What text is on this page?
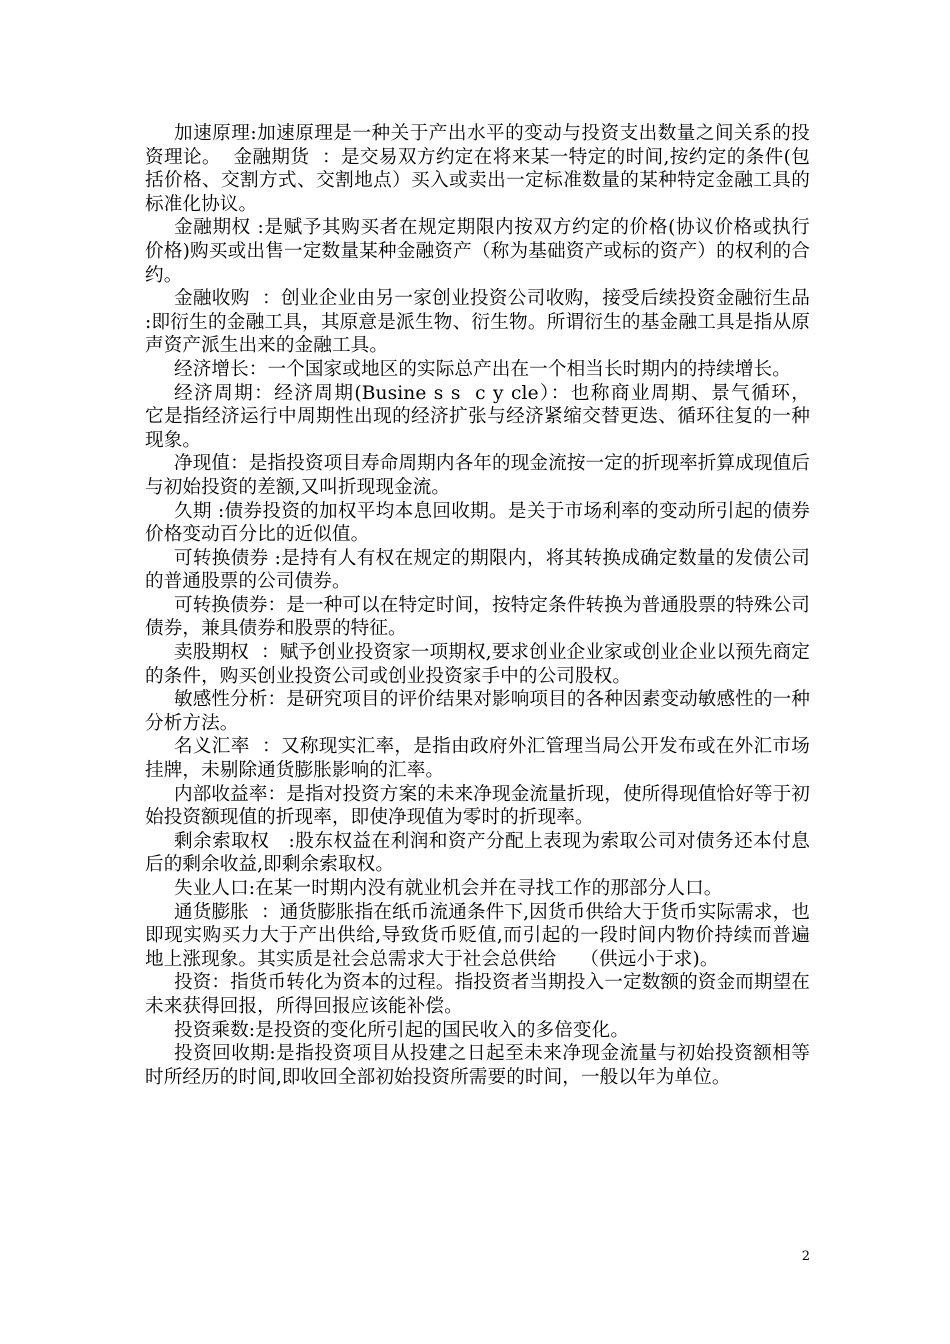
加速原理:加速原理是一种关于产出水平的变动与投资支出数量之间关系的投资理论。  金融期货  ：是交易双方约定在将来某一特定的时间,按约定的条件(包括价格、交割方式、交割地点）买入或卖出一定标准数量的某种特定金融工具的标准化协议。

金融期权 :是赋予其购买者在规定期限内按双方约定的价格(协议价格或执行价格)购买或出售一定数量某种金融资产（称为基础资产或标的资产）的权利的合约。

金融收购  ：创业企业由另一家创业投资公司收购，接受后续投资金融衍生品   :即衍生的金融工具，其原意是派生物、衍生物。所谓衍生的基金融工具是指从原声资产派生出来的金融工具。

经济增长：一个国家或地区的实际总产出在一个相当长时期内的持续增长。

经济周期：经济周期(Busine s s  c y cle）：也称商业周期、景气循环，    它是指经济运行中周期性出现的经济扩张与经济紧缩交替更迭、循环往复的一种现象。

净现值：是指投资项目寿命周期内各年的现金流按一定的折现率折算成现值后与初始投资的差额,又叫折现现金流。

久期 :债券投资的加权平均本息回收期。是关于市场利率的变动所引起的债券价格变动百分比的近似值。

可转换债券 :是持有人有权在规定的期限内，将其转换成确定数量的发债公司的普通股票的公司债券。

可转换债券：是一种可以在特定时间，按特定条件转换为普通股票的特殊公司债券，兼具债券和股票的特征。

卖股期权  ：赋予创业投资家一项期权,要求创业企业家或创业企业以预先商定的条件，购买创业投资公司或创业投资家手中的公司股权。

敏感性分析：是研究项目的评价结果对影响项目的各种因素变动敏感性的一种分析方法。

名义汇率  ：又称现实汇率，是指由政府外汇管理当局公开发布或在外汇市场挂牌，未剔除通货膨胀影响的汇率。

内部收益率：是指对投资方案的未来净现金流量折现，使所得现值恰好等于初始投资额现值的折现率，即使净现值为零时的折现率。

剩余索取权   :股东权益在利润和资产分配上表现为索取公司对债务还本付息后的剩余收益,即剩余索取权。

失业人口:在某一时期内没有就业机会并在寻找工作的那部分人口。

通货膨胀  ：通货膨胀指在纸币流通条件下,因货币供给大于货币实际需求，也即现实购买力大于产出供给,导致货币贬值,而引起的一段时间内物价持续而普遍地上涨现象。其实质是社会总需求大于社会总供给    （供远小于求)。

投资：指货币转化为资本的过程。指投资者当期投入一定数额的资金而期望在未来获得回报，所得回报应该能补偿。

投资乘数:是投资的变化所引起的国民收入的多倍变化。

投资回收期:是指投资项目从投建之日起至未来净现金流量与初始投资额相等时所经历的时间,即收回全部初始投资所需要的时间，一般以年为单位。

2
